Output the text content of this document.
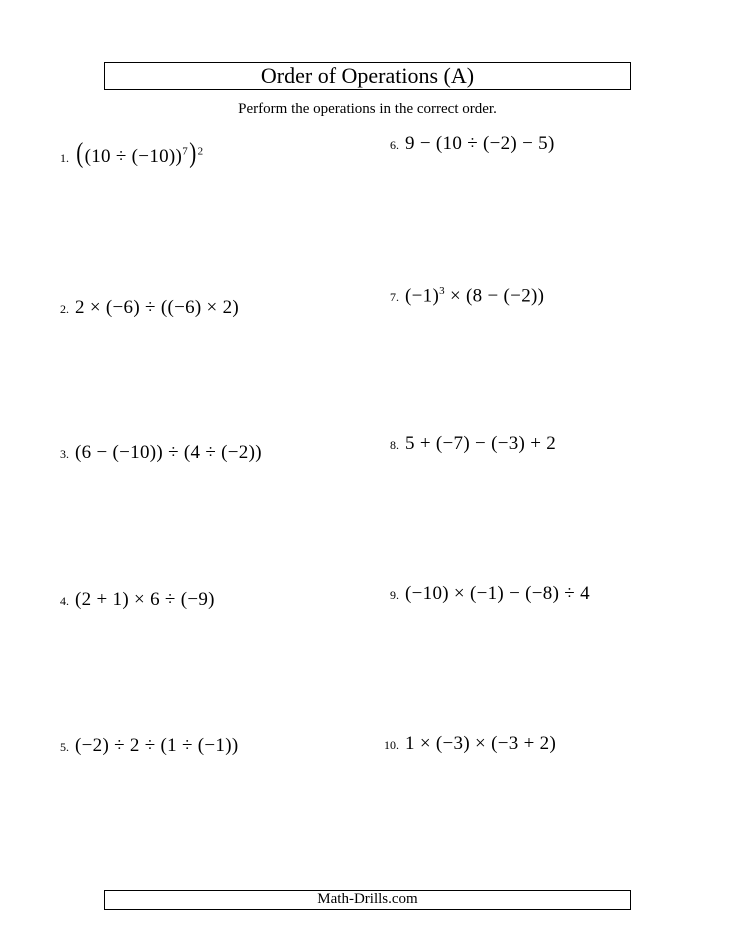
Order of Operations (A)
Perform the operations in the correct order.
1. $((10 \div (-10))^7)^2$
2. 2 × (−6) ÷ ((−6) × 2)
3. (6 − (−10)) ÷ (4 ÷ (−2))
4. (2 + 1) × 6 ÷ (−9)
5. (−2) ÷ 2 ÷ (1 ÷ (−1))
6. 9 − (10 ÷ (−2) − 5)
7. $(-1)^3 \times (8 - (-2))$
8. 5 + (−7) − (−3) + 2
9. (−10) × (−1) − (−8) ÷ 4
10. 1 × (−3) × (−3 + 2)
Math-Drills.com
